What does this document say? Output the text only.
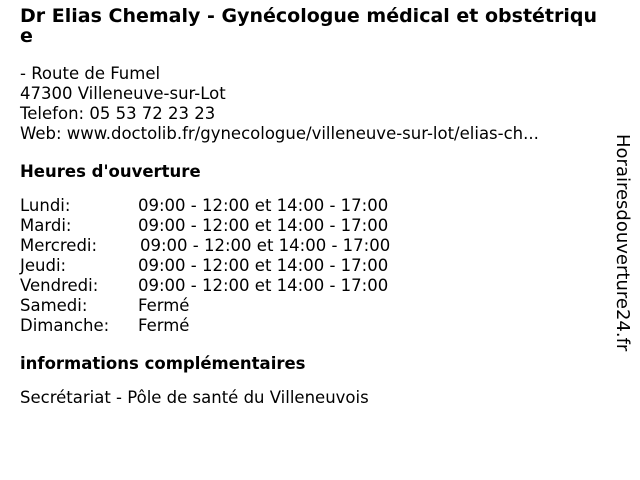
Dr Elias Chemaly - Gynécologue médical et obstétrique
- Route de Fumel
47300 Villeneuve-sur-Lot
Telefon: 05 53 72 23 23
Web: www.doctolib.fr/gynecologue/villeneuve-sur-lot/elias-ch...
Heures d'ouverture
Lundi:	09:00 - 12:00 et 14:00 - 17:00
Mardi:	09:00 - 12:00 et 14:00 - 17:00
Mercredi:	09:00 - 12:00 et 14:00 - 17:00
Jeudi:	09:00 - 12:00 et 14:00 - 17:00
Vendredi:	09:00 - 12:00 et 14:00 - 17:00
Samedi:	Fermé
Dimanche:	Fermé
informations complémentaires
Secrétariat - Pôle de santé du Villeneuvois
Horairesdouverture24.fr
